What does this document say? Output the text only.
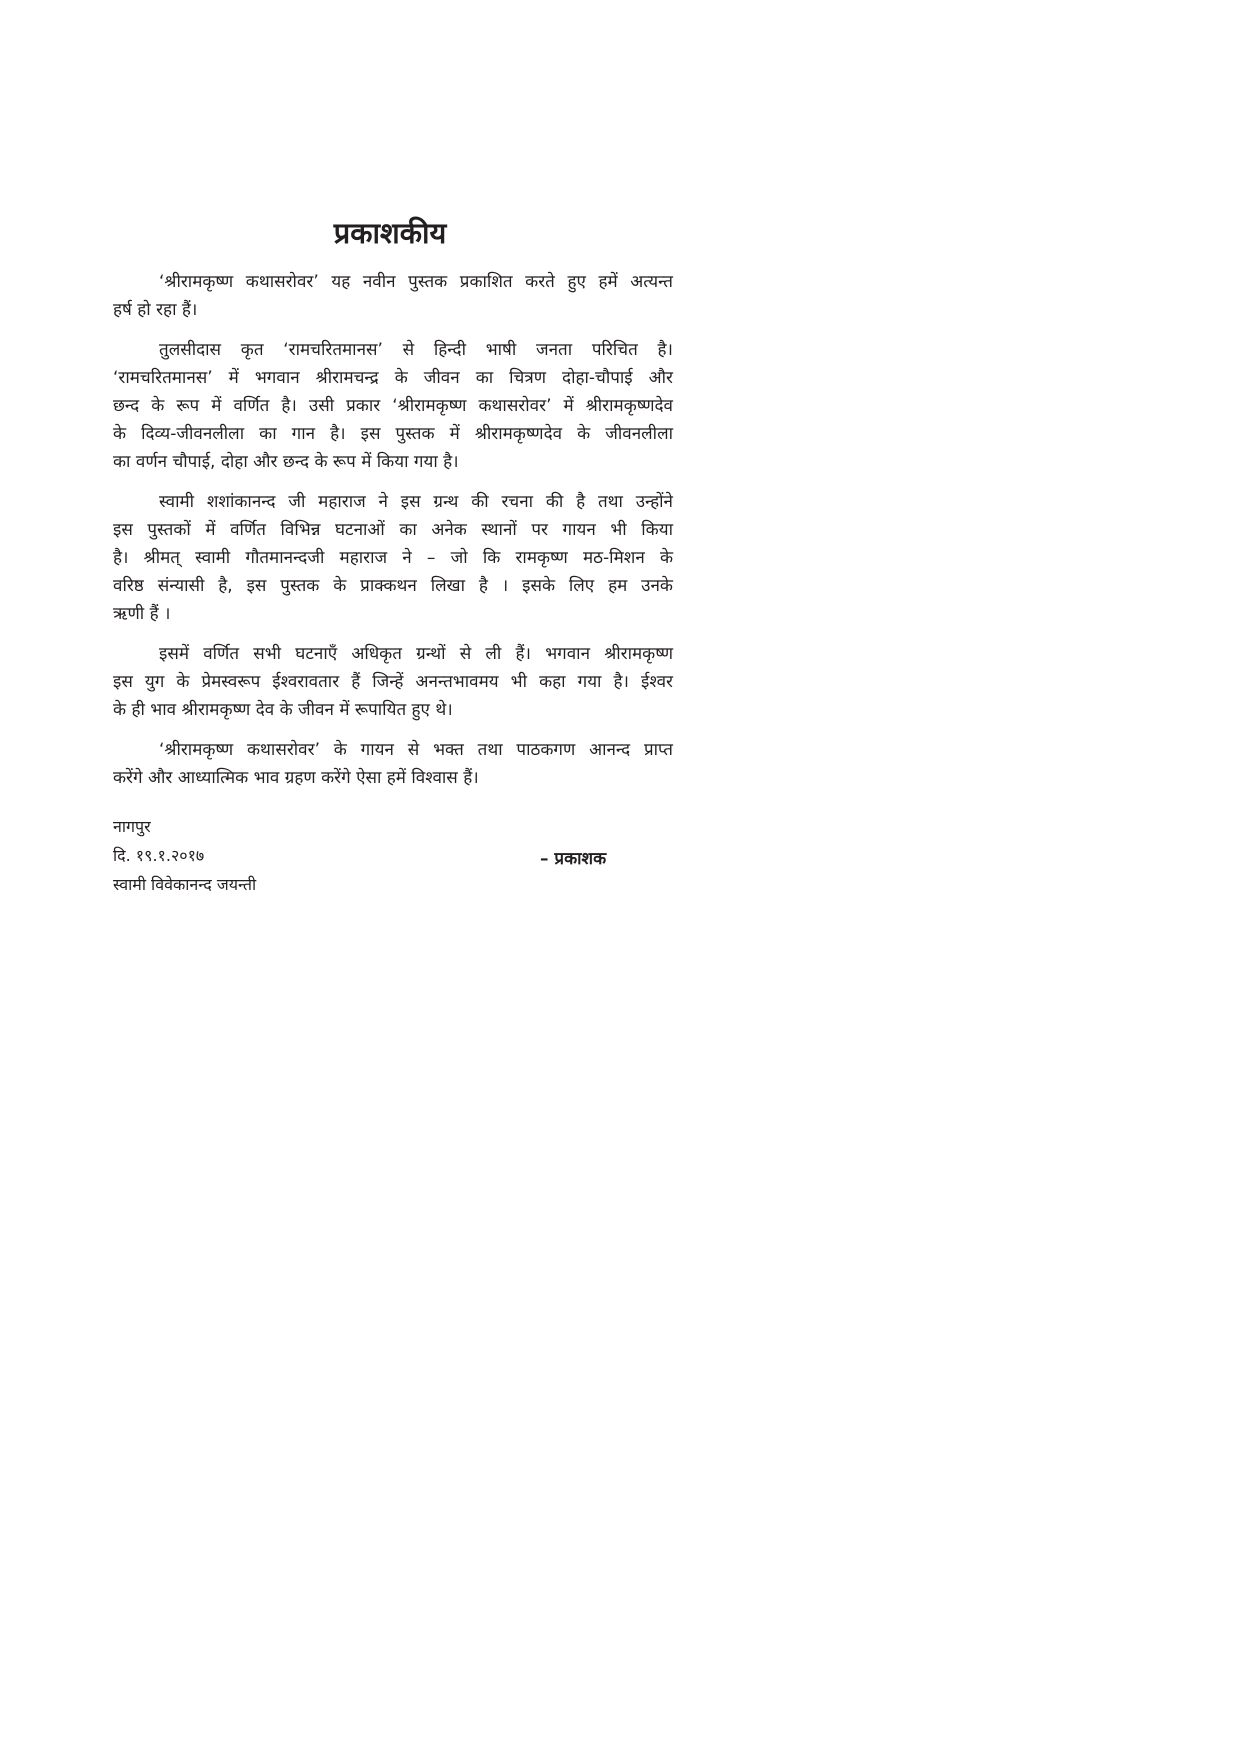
प्रकाशकीय
‘श्रीरामकृष्ण कथासरोवर’ यह नवीन पुस्तक प्रकाशित करते हुए हमें अत्यन्त
हर्ष हो रहा हैं।
तुलसीदास कृत ‘रामचरितमानस’ से हिन्दी भाषी जनता परिचित है।
‘रामचरितमानस’ में भगवान श्रीरामचन्द्र के जीवन का चित्रण दोहा-चौपाई और
छन्द के रूप में वर्णित है। उसी प्रकार ‘श्रीरामकृष्ण कथासरोवर’ में श्रीरामकृष्णदेव
के दिव्य-जीवनलीला का गान है। इस पुस्तक में श्रीरामकृष्णदेव के जीवनलीला
का वर्णन चौपाई, दोहा और छन्द के रूप में किया गया है।
स्वामी शशांकानन्द जी महाराज ने इस ग्रन्थ की रचना की है तथा उन्होंने
इस पुस्तकों में वर्णित विभिन्न घटनाओं का अनेक स्थानों पर गायन भी किया
है। श्रीमत् स्वामी गौतमानन्दजी महाराज ने – जो कि रामकृष्ण मठ-मिशन के
वरिष्ठ संन्यासी है, इस पुस्तक के प्राक्कथन लिखा है । इसके लिए हम उनके
ऋणी हैं ।
इसमें वर्णित सभी घटनाएँ अधिकृत ग्रन्थों से ली हैं। भगवान श्रीरामकृष्ण
इस युग के प्रेमस्वरूप ईश्वरावतार हैं जिन्हें अनन्तभावमय भी कहा गया है। ईश्वर
के ही भाव श्रीरामकृष्ण देव के जीवन में रूपायित हुए थे।
‘श्रीरामकृष्ण कथासरोवर’ के गायन से भक्त तथा पाठकगण आनन्द प्राप्त
करेंगे और आध्यात्मिक भाव ग्रहण करेंगे ऐसा हमें विश्वास हैं।
नागपुर
दि. १९.१.२०१७
स्वामी विवेकानन्द जयन्ती
– प्रकाशक
